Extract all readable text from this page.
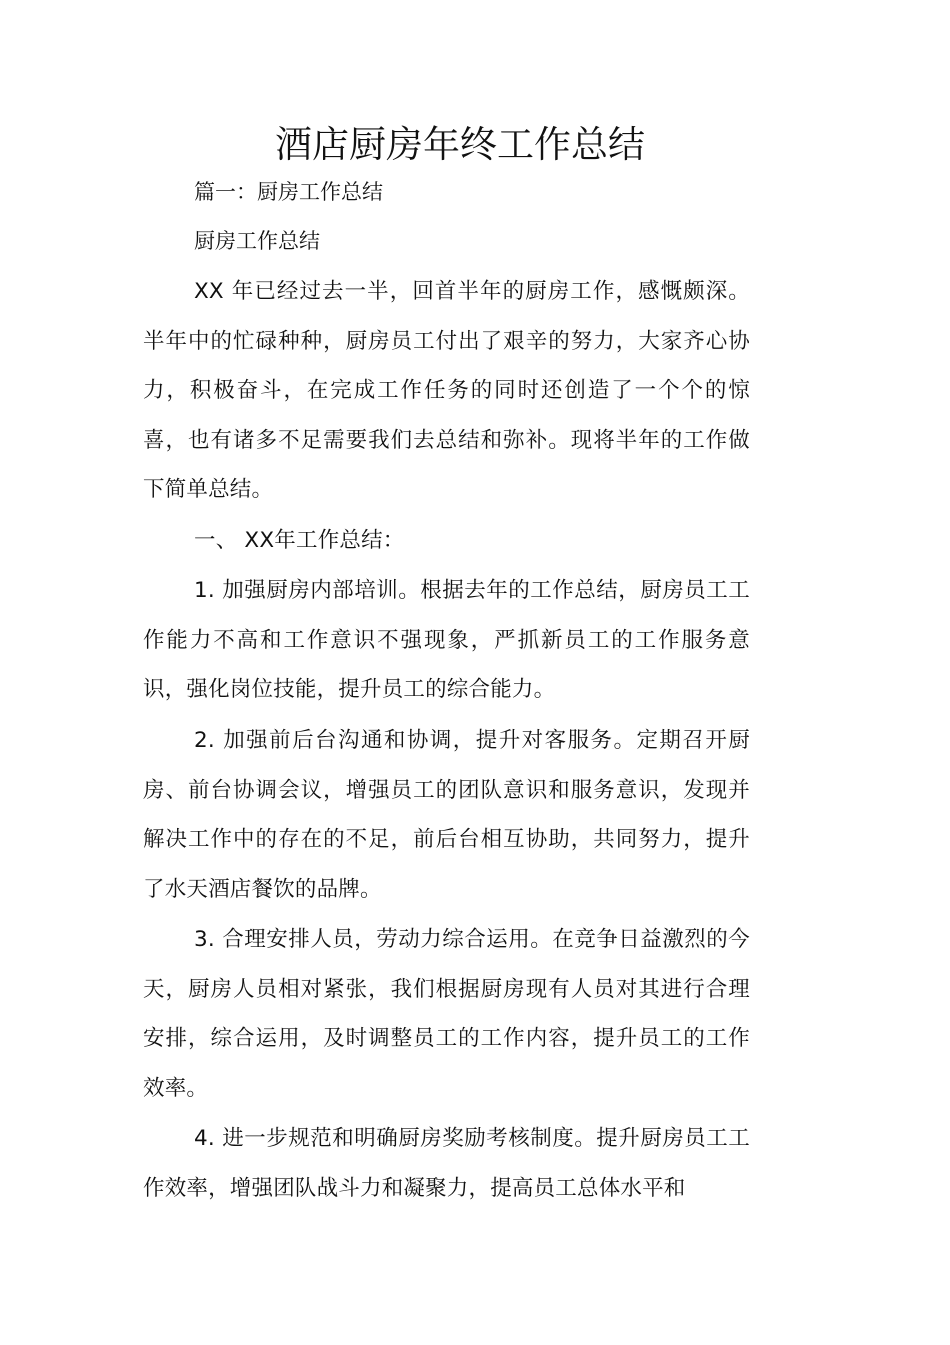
酒店厨房年终工作总结

篇一：厨房工作总结

厨房工作总结

XX 年已经过去一半，回首半年的厨房工作，感慨颇深。半年中的忙碌种种，厨房员工付出了艰辛的努力，大家齐心协力，积极奋斗，在完成工作任务的同时还创造了一个个的惊喜，也有诸多不足需要我们去总结和弥补。现将半年的工作做下简单总结。

一、 XX年工作总结：

1. 加强厨房内部培训。根据去年的工作总结，厨房员工工作能力不高和工作意识不强现象，严抓新员工的工作服务意识，强化岗位技能，提升员工的综合能力。

2. 加强前后台沟通和协调，提升对客服务。定期召开厨房、前台协调会议，增强员工的团队意识和服务意识，发现并解决工作中的存在的不足，前后台相互协助，共同努力，提升了水天酒店餐饮的品牌。

3. 合理安排人员，劳动力综合运用。在竞争日益激烈的今天，厨房人员相对紧张，我们根据厨房现有人员对其进行合理安排，综合运用，及时调整员工的工作内容，提升员工的工作效率。

4. 进一步规范和明确厨房奖励考核制度。提升厨房员工工作效率，增强团队战斗力和凝聚力，提高员工总体水平和
